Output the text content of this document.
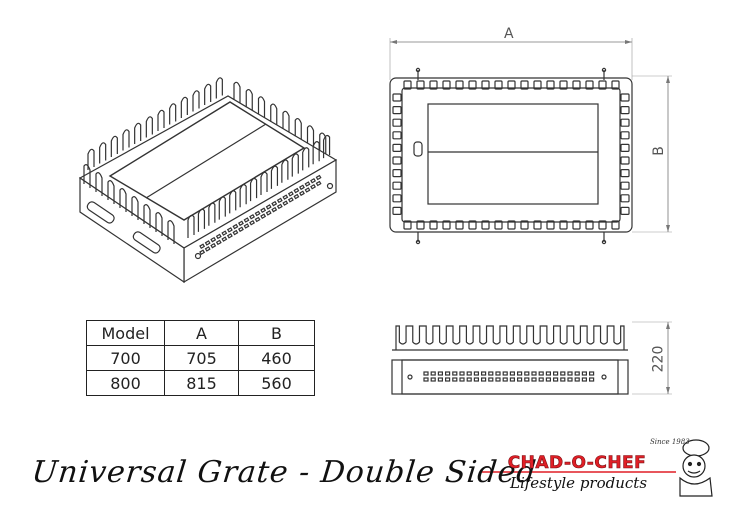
A
B
220
Model	A	B
700	705	460
800	815	560
Universal Grate - Double Sided
Since 1983
CHAD-O-CHEF
Lifestyle products
